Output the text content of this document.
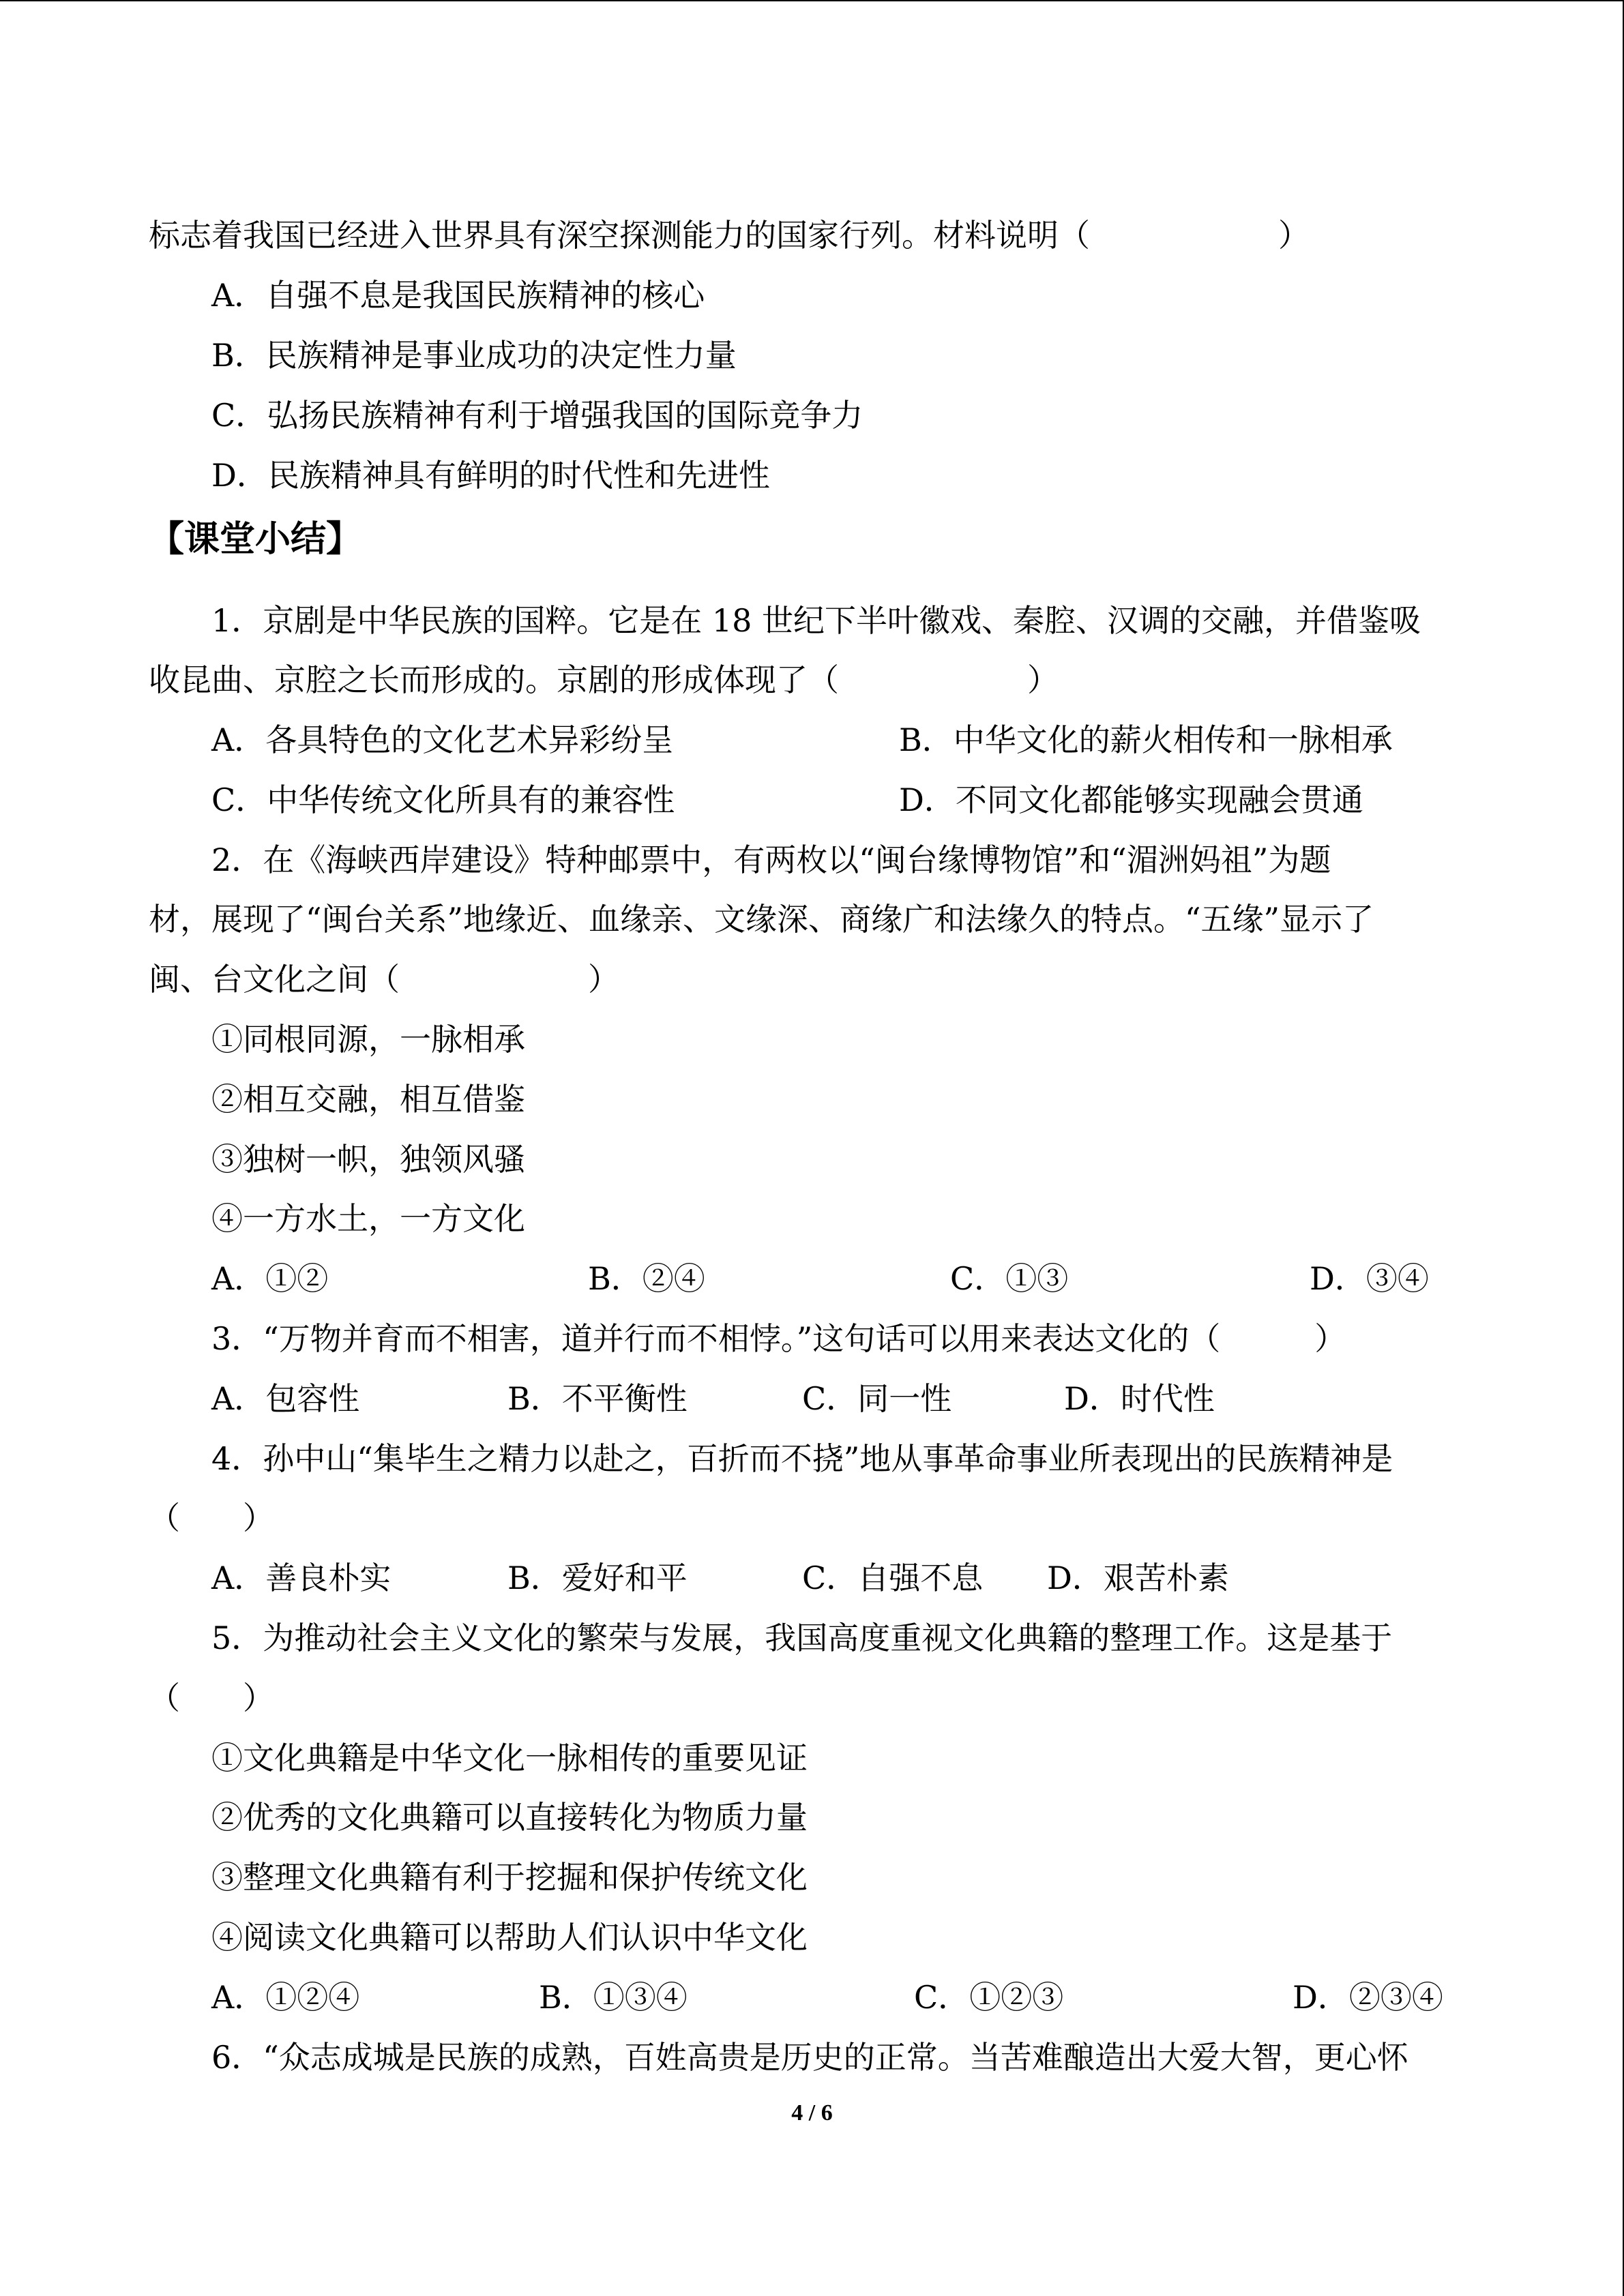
标志着我国已经进入世界具有深空探测能力的国家行列。材料说明（　　　　　　）
A．自强不息是我国民族精神的核心
B．民族精神是事业成功的决定性力量
C．弘扬民族精神有利于增强我国的国际竞争力
D．民族精神具有鲜明的时代性和先进性
【课堂小结】
1．京剧是中华民族的国粹。它是在 18 世纪下半叶徽戏、秦腔、汉调的交融，并借鉴吸
收昆曲、京腔之长而形成的。京剧的形成体现了（　　　　　　）
A．各具特色的文化艺术异彩纷呈	B．中华文化的薪火相传和一脉相承
C．中华传统文化所具有的兼容性	D．不同文化都能够实现融会贯通
2．在《海峡西岸建设》特种邮票中，有两枚以“闽台缘博物馆”和“湄洲妈祖”为题
材，展现了“闽台关系”地缘近、血缘亲、文缘深、商缘广和法缘久的特点。“五缘”显示了
闽、台文化之间（　　　　　　）
①同根同源，一脉相承
②相互交融，相互借鉴
③独树一帜，独领风骚
④一方水土，一方文化
A．①②	B．②④	C．①③	D．③④
3．“万物并育而不相害，道并行而不相悖。”这句话可以用来表达文化的（　　　）
A．包容性	B．不平衡性	C．同一性	D．时代性
4．孙中山“集毕生之精力以赴之，百折而不挠”地从事革命事业所表现出的民族精神是
（　　）
A．善良朴实	B．爱好和平	C．自强不息 D．艰苦朴素
5．为推动社会主义文化的繁荣与发展，我国高度重视文化典籍的整理工作。这是基于
（　　）
①文化典籍是中华文化一脉相传的重要见证
②优秀的文化典籍可以直接转化为物质力量
③整理文化典籍有利于挖掘和保护传统文化
④阅读文化典籍可以帮助人们认识中华文化
A．①②④	B．①③④	C．①②③	D．②③④
6．“众志成城是民族的成熟，百姓高贵是历史的正常。当苦难酿造出大爱大智，更心怀
4 / 6
